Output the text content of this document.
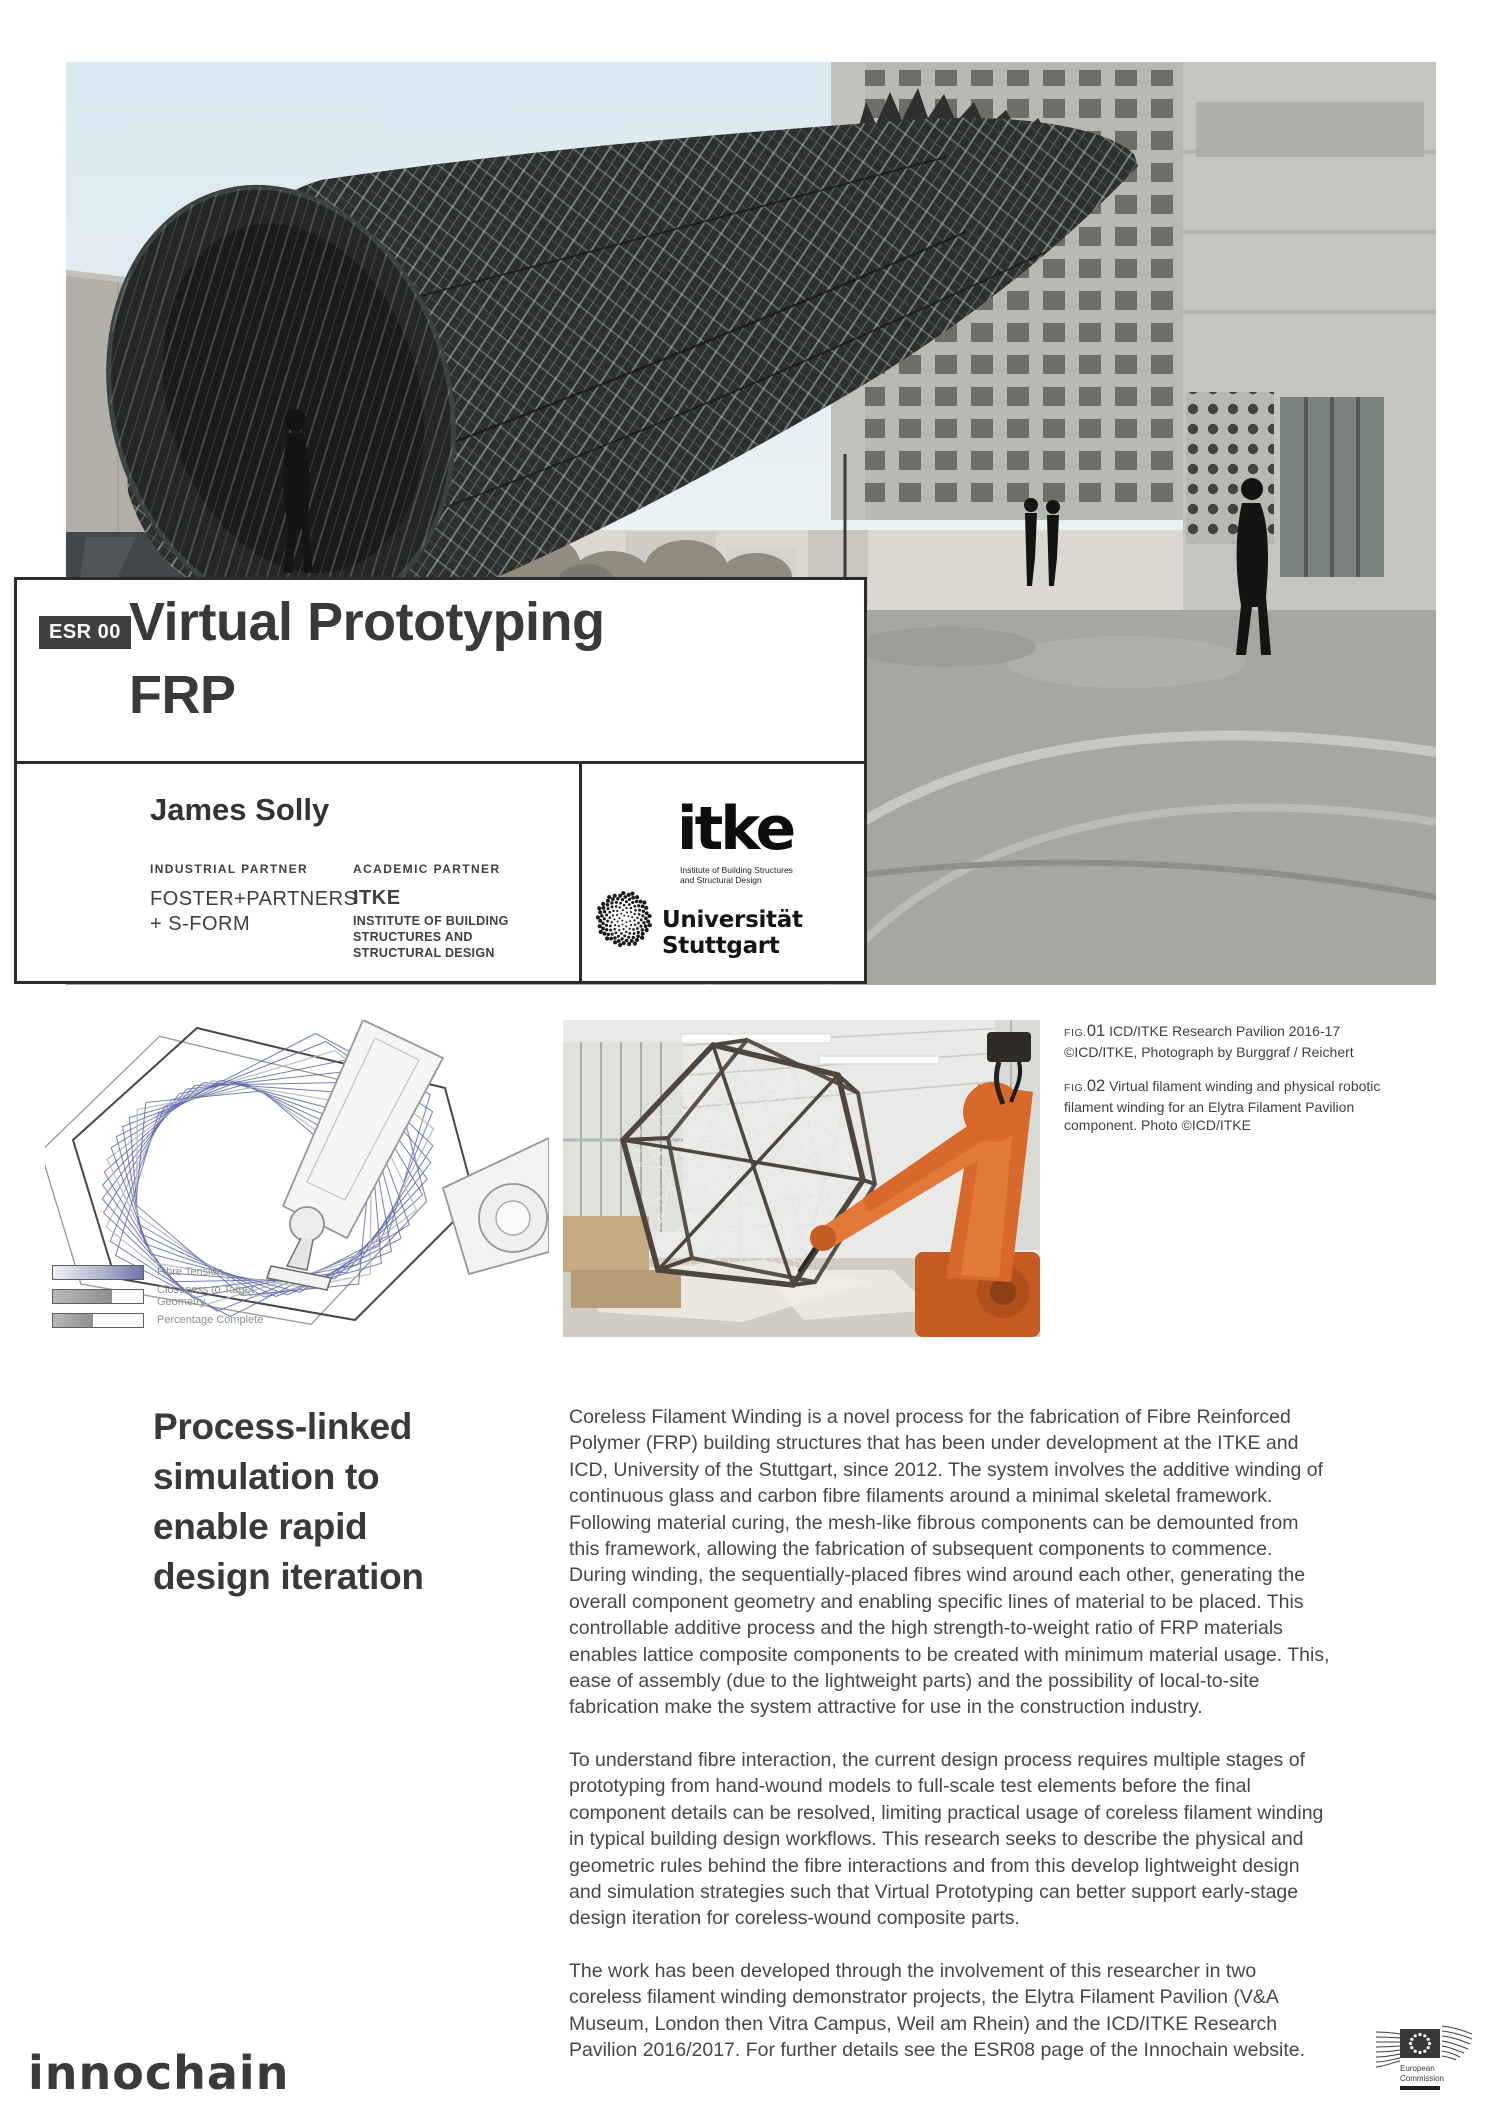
ESR 00 Virtual Prototyping
FRP
James Solly
INDUSTRIAL PARTNER
FOSTER+PARTNERS
+ S-FORM
ACADEMIC PARTNER
ITKE
INSTITUTE OF BUILDING STRUCTURES AND STRUCTURAL DESIGN
itke
Institute of Building Structures
and Structural Design
Universität Stuttgart
Fibre Tension
Closeness to Target Geometry
Percentage Complete
FIG.01 ICD/ITKE Research Pavilion 2016-17 ©ICD/ITKE, Photograph by Burggraf / Reichert
FIG.02 Virtual filament winding and physical robotic filament winding for an Elytra Filament Pavilion component. Photo ©ICD/ITKE
Process-linked
simulation to
enable rapid
design iteration

Coreless Filament Winding is a novel process for the fabrication of Fibre Reinforced Polymer (FRP) building structures that has been under development at the ITKE and ICD, University of the Stuttgart, since 2012. The system involves the additive winding of continuous glass and carbon fibre filaments around a minimal skeletal framework. Following material curing, the mesh-like fibrous components can be demounted from this framework, allowing the fabrication of subsequent components to commence. During winding, the sequentially-placed fibres wind around each other, generating the overall component geometry and enabling specific lines of material to be placed. This controllable additive process and the high strength-to-weight ratio of FRP materials enables lattice composite components to be created with minimum material usage. This, ease of assembly (due to the lightweight parts) and the possibility of local-to-site fabrication make the system attractive for use in the construction industry.

To understand fibre interaction, the current design process requires multiple stages of prototyping from hand-wound models to full-scale test elements before the final component details can be resolved, limiting practical usage of coreless filament winding in typical building design workflows. This research seeks to describe the physical and geometric rules behind the fibre interactions and from this develop lightweight design and simulation strategies such that Virtual Prototyping can better support early-stage design iteration for coreless-wound composite parts.

The work has been developed through the involvement of this researcher in two coreless filament winding demonstrator projects, the Elytra Filament Pavilion (V&A Museum, London then Vitra Campus, Weil am Rhein) and the ICD/ITKE Research Pavilion 2016/2017. For further details see the ESR08 page of the Innochain website.

innochain	European
Commission
